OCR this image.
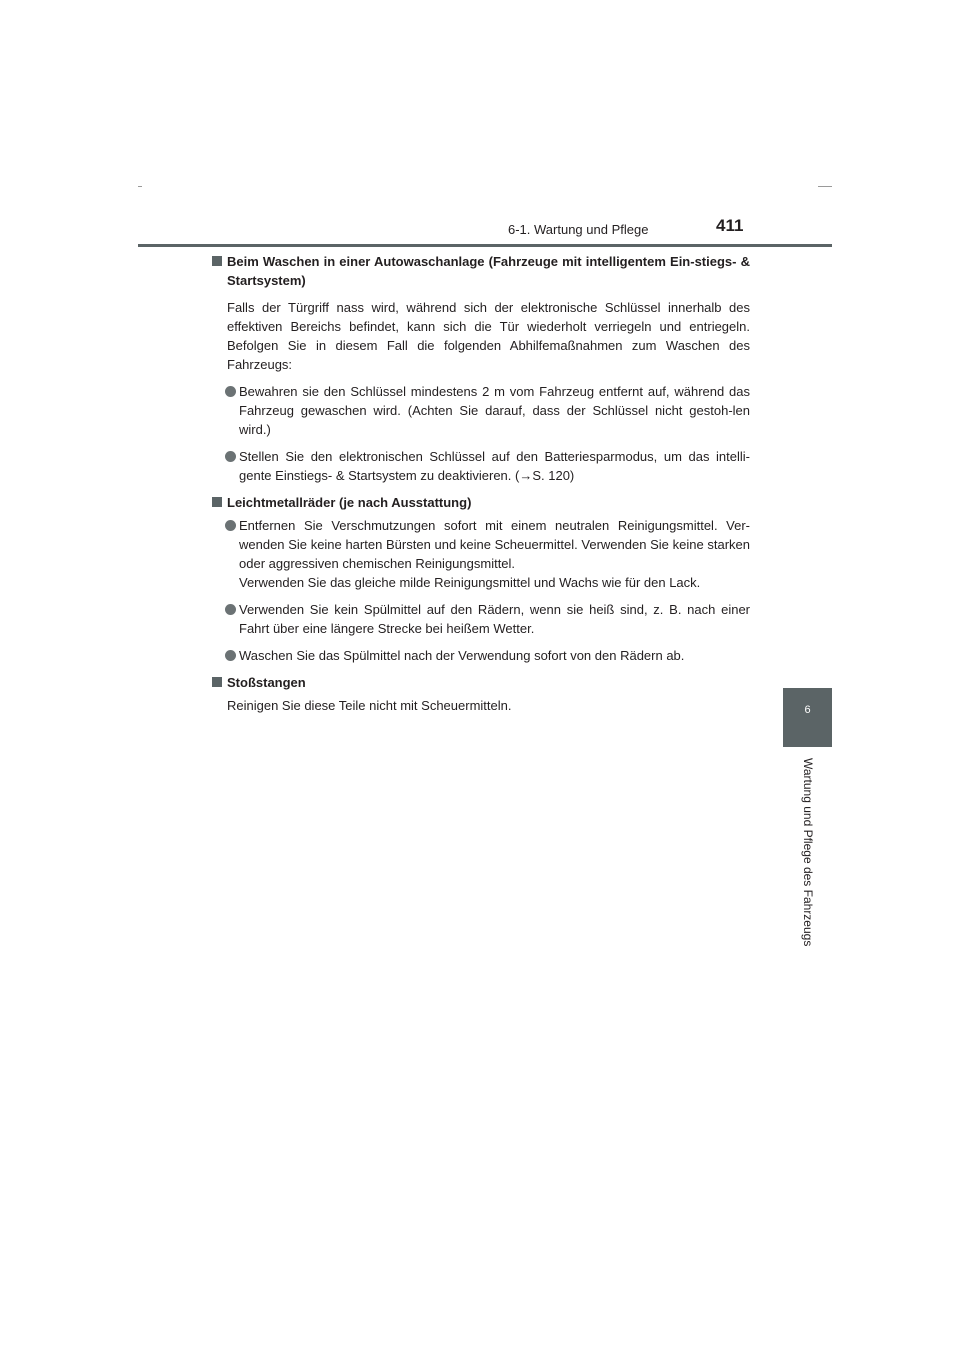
6-1. Wartung und Pflege	411
6
Wartung und Pflege des Fahrzeugs
Beim Waschen in einer Autowaschanlage (Fahrzeuge mit intelligentem Ein-stiegs- & Startsystem)
Falls der Türgriff nass wird, während sich der elektronische Schlüssel innerhalb des effektiven Bereichs befindet, kann sich die Tür wiederholt verriegeln und entriegeln. Befolgen Sie in diesem Fall die folgenden Abhilfemaßnahmen zum Waschen des Fahrzeugs:
Bewahren sie den Schlüssel mindestens 2 m vom Fahrzeug entfernt auf, während das Fahrzeug gewaschen wird. (Achten Sie darauf, dass der Schlüssel nicht gestoh-len wird.)
Stellen Sie den elektronischen Schlüssel auf den Batteriesparmodus, um das intelli-gente Einstiegs- & Startsystem zu deaktivieren. (→S. 120)
Leichtmetallräder (je nach Ausstattung)
Entfernen Sie Verschmutzungen sofort mit einem neutralen Reinigungsmittel. Ver-wenden Sie keine harten Bürsten und keine Scheuermittel. Verwenden Sie keine starken oder aggressiven chemischen Reinigungsmittel.
Verwenden Sie das gleiche milde Reinigungsmittel und Wachs wie für den Lack.
Verwenden Sie kein Spülmittel auf den Rädern, wenn sie heiß sind, z. B. nach einer Fahrt über eine längere Strecke bei heißem Wetter.
Waschen Sie das Spülmittel nach der Verwendung sofort von den Rädern ab.
Stoßstangen
Reinigen Sie diese Teile nicht mit Scheuermitteln.
